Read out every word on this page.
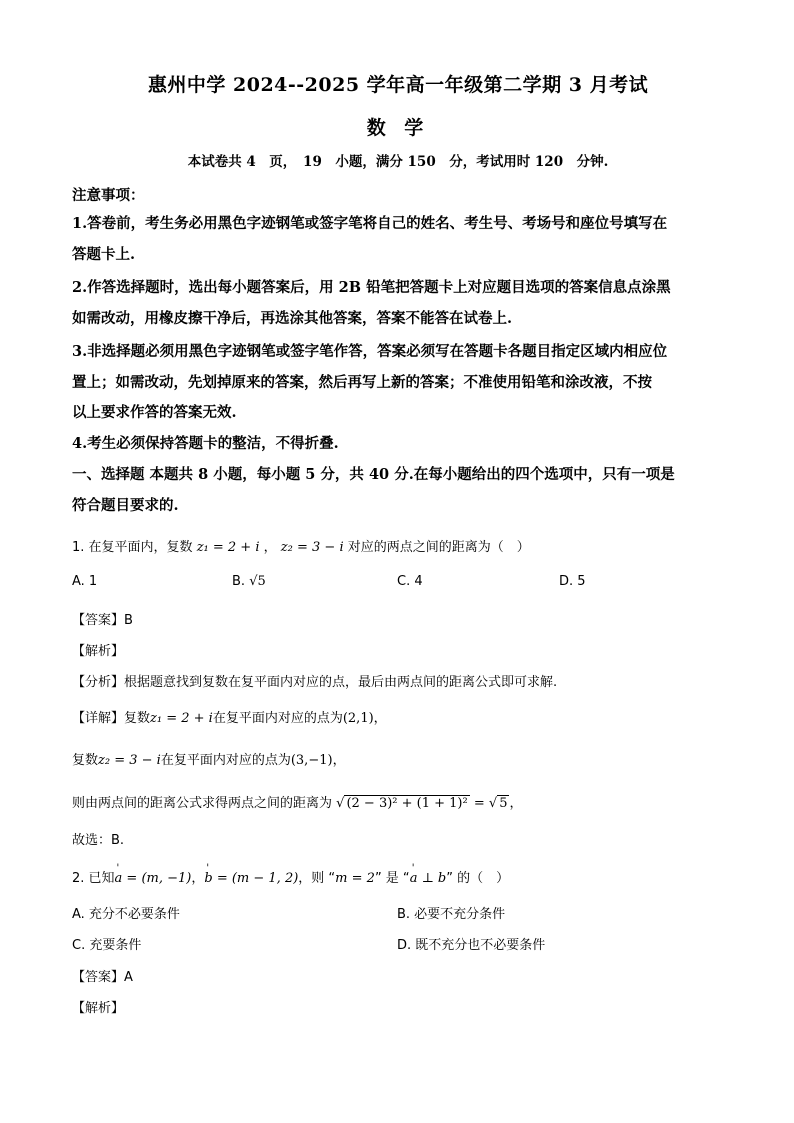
惠州中学 2024--2025 学年高一年级第二学期 3 月考试
数 学
本试卷共 4　页，　19　小题，满分 150　分，考试用时 120　分钟.
注意事项：
1.答卷前，考生务必用黑色字迹钢笔或签字笔将自己的姓名、考生号、考场号和座位号填写在
答题卡上.
2.作答选择题时，选出每小题答案后，用 2B 铅笔把答题卡上对应题目选项的答案信息点涂黑
如需改动，用橡皮擦干净后，再选涂其他答案，答案不能答在试卷上.
3.非选择题必须用黑色字迹钢笔或签字笔作答，答案必须写在答题卡各题目指定区域内相应位
置上；如需改动，先划掉原来的答案，然后再写上新的答案；不准使用铅笔和涂改液，不按
以上要求作答的答案无效.
4.考生必须保持答题卡的整洁，不得折叠.
一、选择题 本题共 8 小题，每小题 5 分，共 40 分.在每小题给出的四个选项中，只有一项是
符合题目要求的.
1. 在复平面内，复数 z₁ = 2 + i ， z₂ = 3 − i 对应的两点之间的距离为（　）
A. 1	B. √5	C. 4	D. 5
【答案】B
【解析】
【分析】根据题意找到复数在复平面内对应的点，最后由两点间的距离公式即可求解.
【详解】复数z₁ = 2 + i在复平面内对应的点为(2,1)，
复数z₂ = 3 − i在复平面内对应的点为(3,−1)，
则由两点间的距离公式求得两点之间的距离为 √ (2 − 3)² + (1 + 1)² = √ 5 ，
故选：B.
2. 已知' a = (m, −1)，' b = (m − 1, 2)，则 “m = 2” 是 “' a ⊥ b” 的（　）
A. 充分不必要条件	B. 必要不充分条件
C. 充要条件	D. 既不充分也不必要条件
【答案】A
【解析】
